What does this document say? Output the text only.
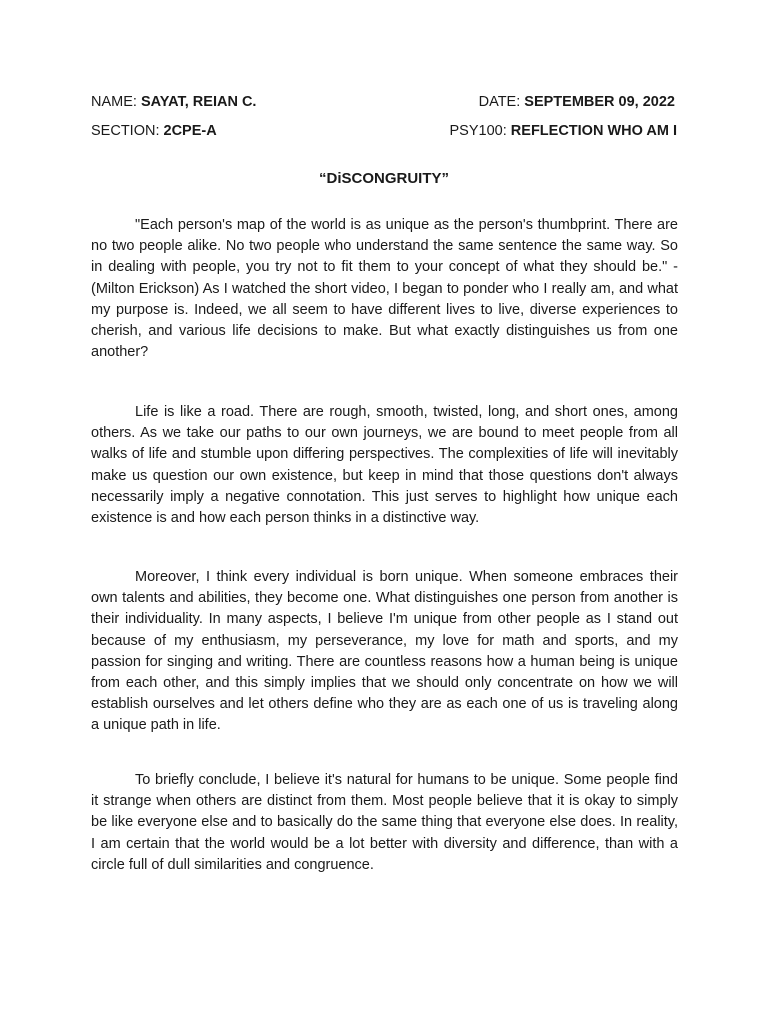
NAME: SAYAT, REIAN C.	DATE: SEPTEMBER 09, 2022
SECTION: 2CPE-A	PSY100: REFLECTION WHO AM I
“DiSCONGRUITY”

"Each person's map of the world is as unique as the person's thumbprint. There are no two people alike. No two people who understand the same sentence the same way. So in dealing with people, you try not to fit them to your concept of what they should be." - (Milton Erickson) As I watched the short video, I began to ponder who I really am, and what my purpose is. Indeed, we all seem to have different lives to live, diverse experiences to cherish, and various life decisions to make. But what exactly distinguishes us from one another?

Life is like a road. There are rough, smooth, twisted, long, and short ones, among others. As we take our paths to our own journeys, we are bound to meet people from all walks of life and stumble upon differing perspectives. The complexities of life will inevitably make us question our own existence, but keep in mind that those questions don't always necessarily imply a negative connotation. This just serves to highlight how unique each existence is and how each person thinks in a distinctive way.

Moreover, I think every individual is born unique. When someone embraces their own talents and abilities, they become one. What distinguishes one person from another is their individuality. In many aspects, I believe I'm unique from other people as I stand out because of my enthusiasm, my perseverance, my love for math and sports, and my passion for singing and writing. There are countless reasons how a human being is unique from each other, and this simply implies that we should only concentrate on how we will establish ourselves and let others define who they are as each one of us is traveling along a unique path in life.

To briefly conclude, I believe it's natural for humans to be unique. Some people find it strange when others are distinct from them. Most people believe that it is okay to simply be like everyone else and to basically do the same thing that everyone else does. In reality, I am certain that the world would be a lot better with diversity and difference, than with a circle full of dull similarities and congruence.
